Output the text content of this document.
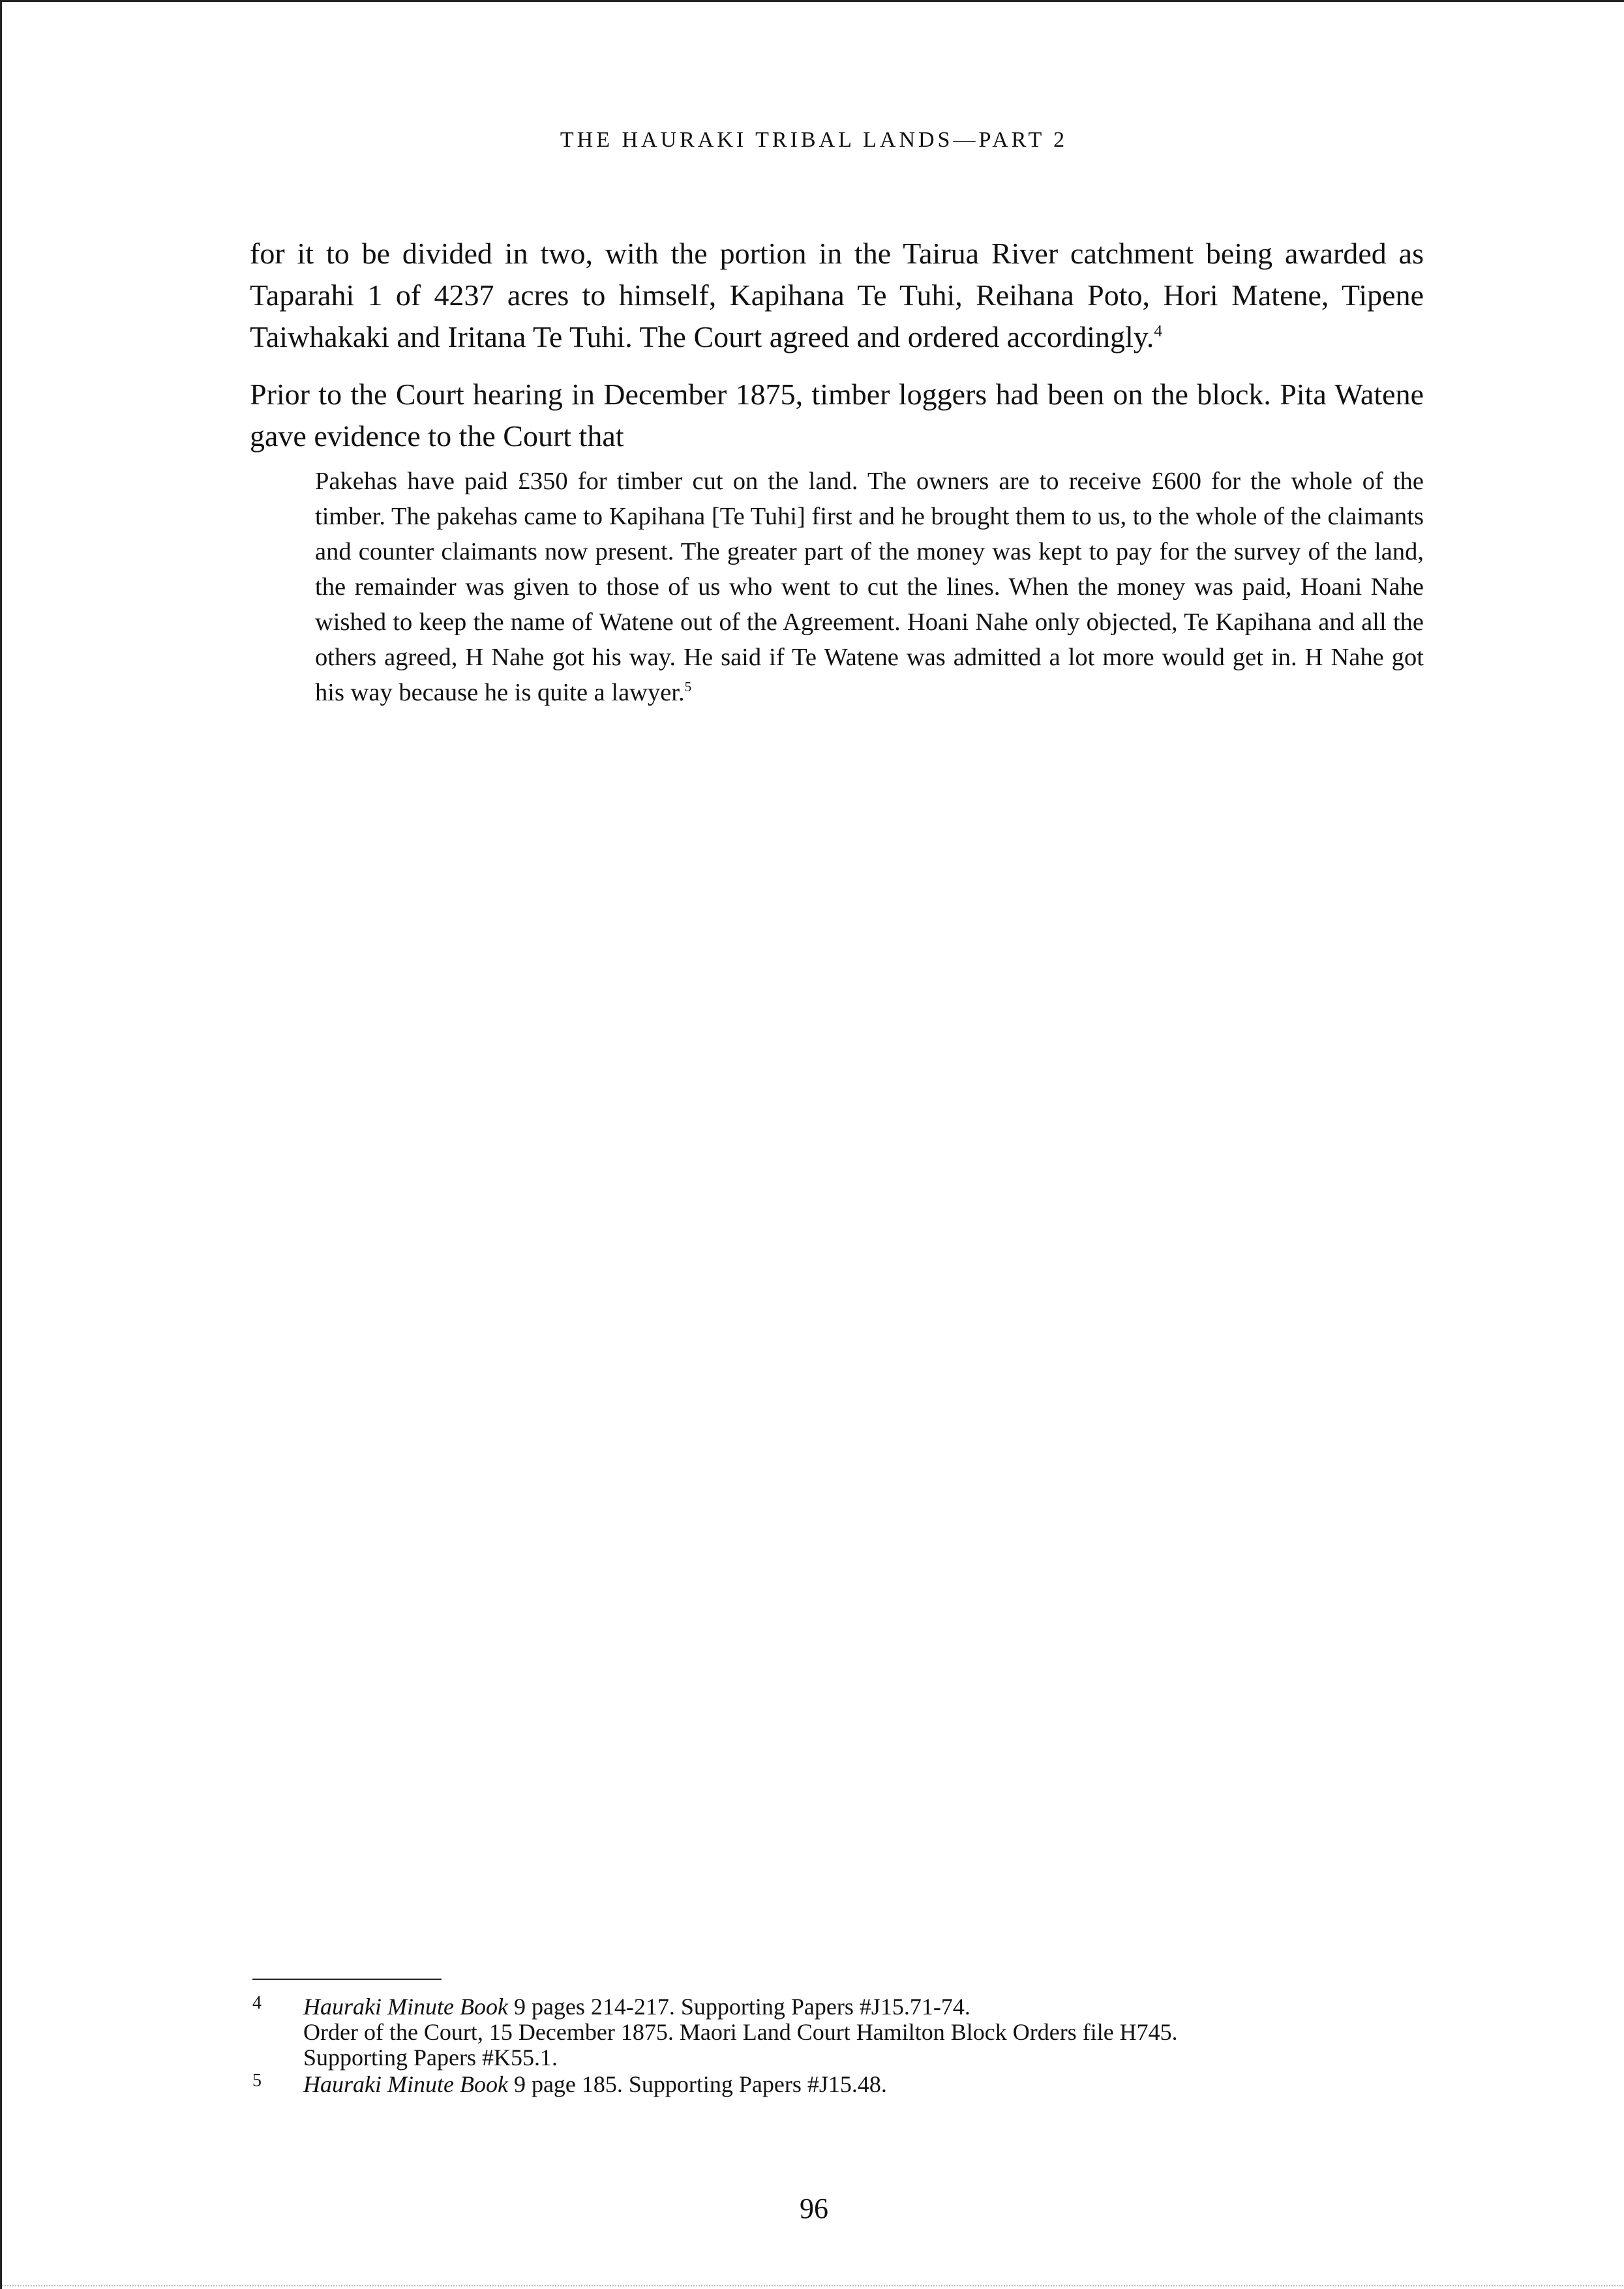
THE HAURAKI TRIBAL LANDS—PART 2

for it to be divided in two, with the portion in the Tairua River catchment being awarded as Taparahi 1 of 4237 acres to himself, Kapihana Te Tuhi, Reihana Poto, Hori Matene, Tipene Taiwhakaki and Iritana Te Tuhi. The Court agreed and ordered accordingly.$^4$

Prior to the Court hearing in December 1875, timber loggers had been on the block. Pita Watene gave evidence to the Court that

Pakehas have paid £350 for timber cut on the land. The owners are to receive £600 for the whole of the timber. The pakehas came to Kapihana [Te Tuhi] first and he brought them to us, to the whole of the claimants and counter claimants now present. The greater part of the money was kept to pay for the survey of the land, the remainder was given to those of us who went to cut the lines. When the money was paid, Hoani Nahe wished to keep the name of Watene out of the Agreement. Hoani Nahe only objected, Te Kapihana and all the others agreed, H Nahe got his way. He said if Te Watene was admitted a lot more would get in. H Nahe got his way because he is quite a lawyer.$^5$

4 Hauraki Minute Book 9 pages 214-217. Supporting Papers #J15.71-74.
Order of the Court, 15 December 1875. Maori Land Court Hamilton Block Orders file H745.
Supporting Papers #K55.1.
5 Hauraki Minute Book 9 page 185. Supporting Papers #J15.48.
96
